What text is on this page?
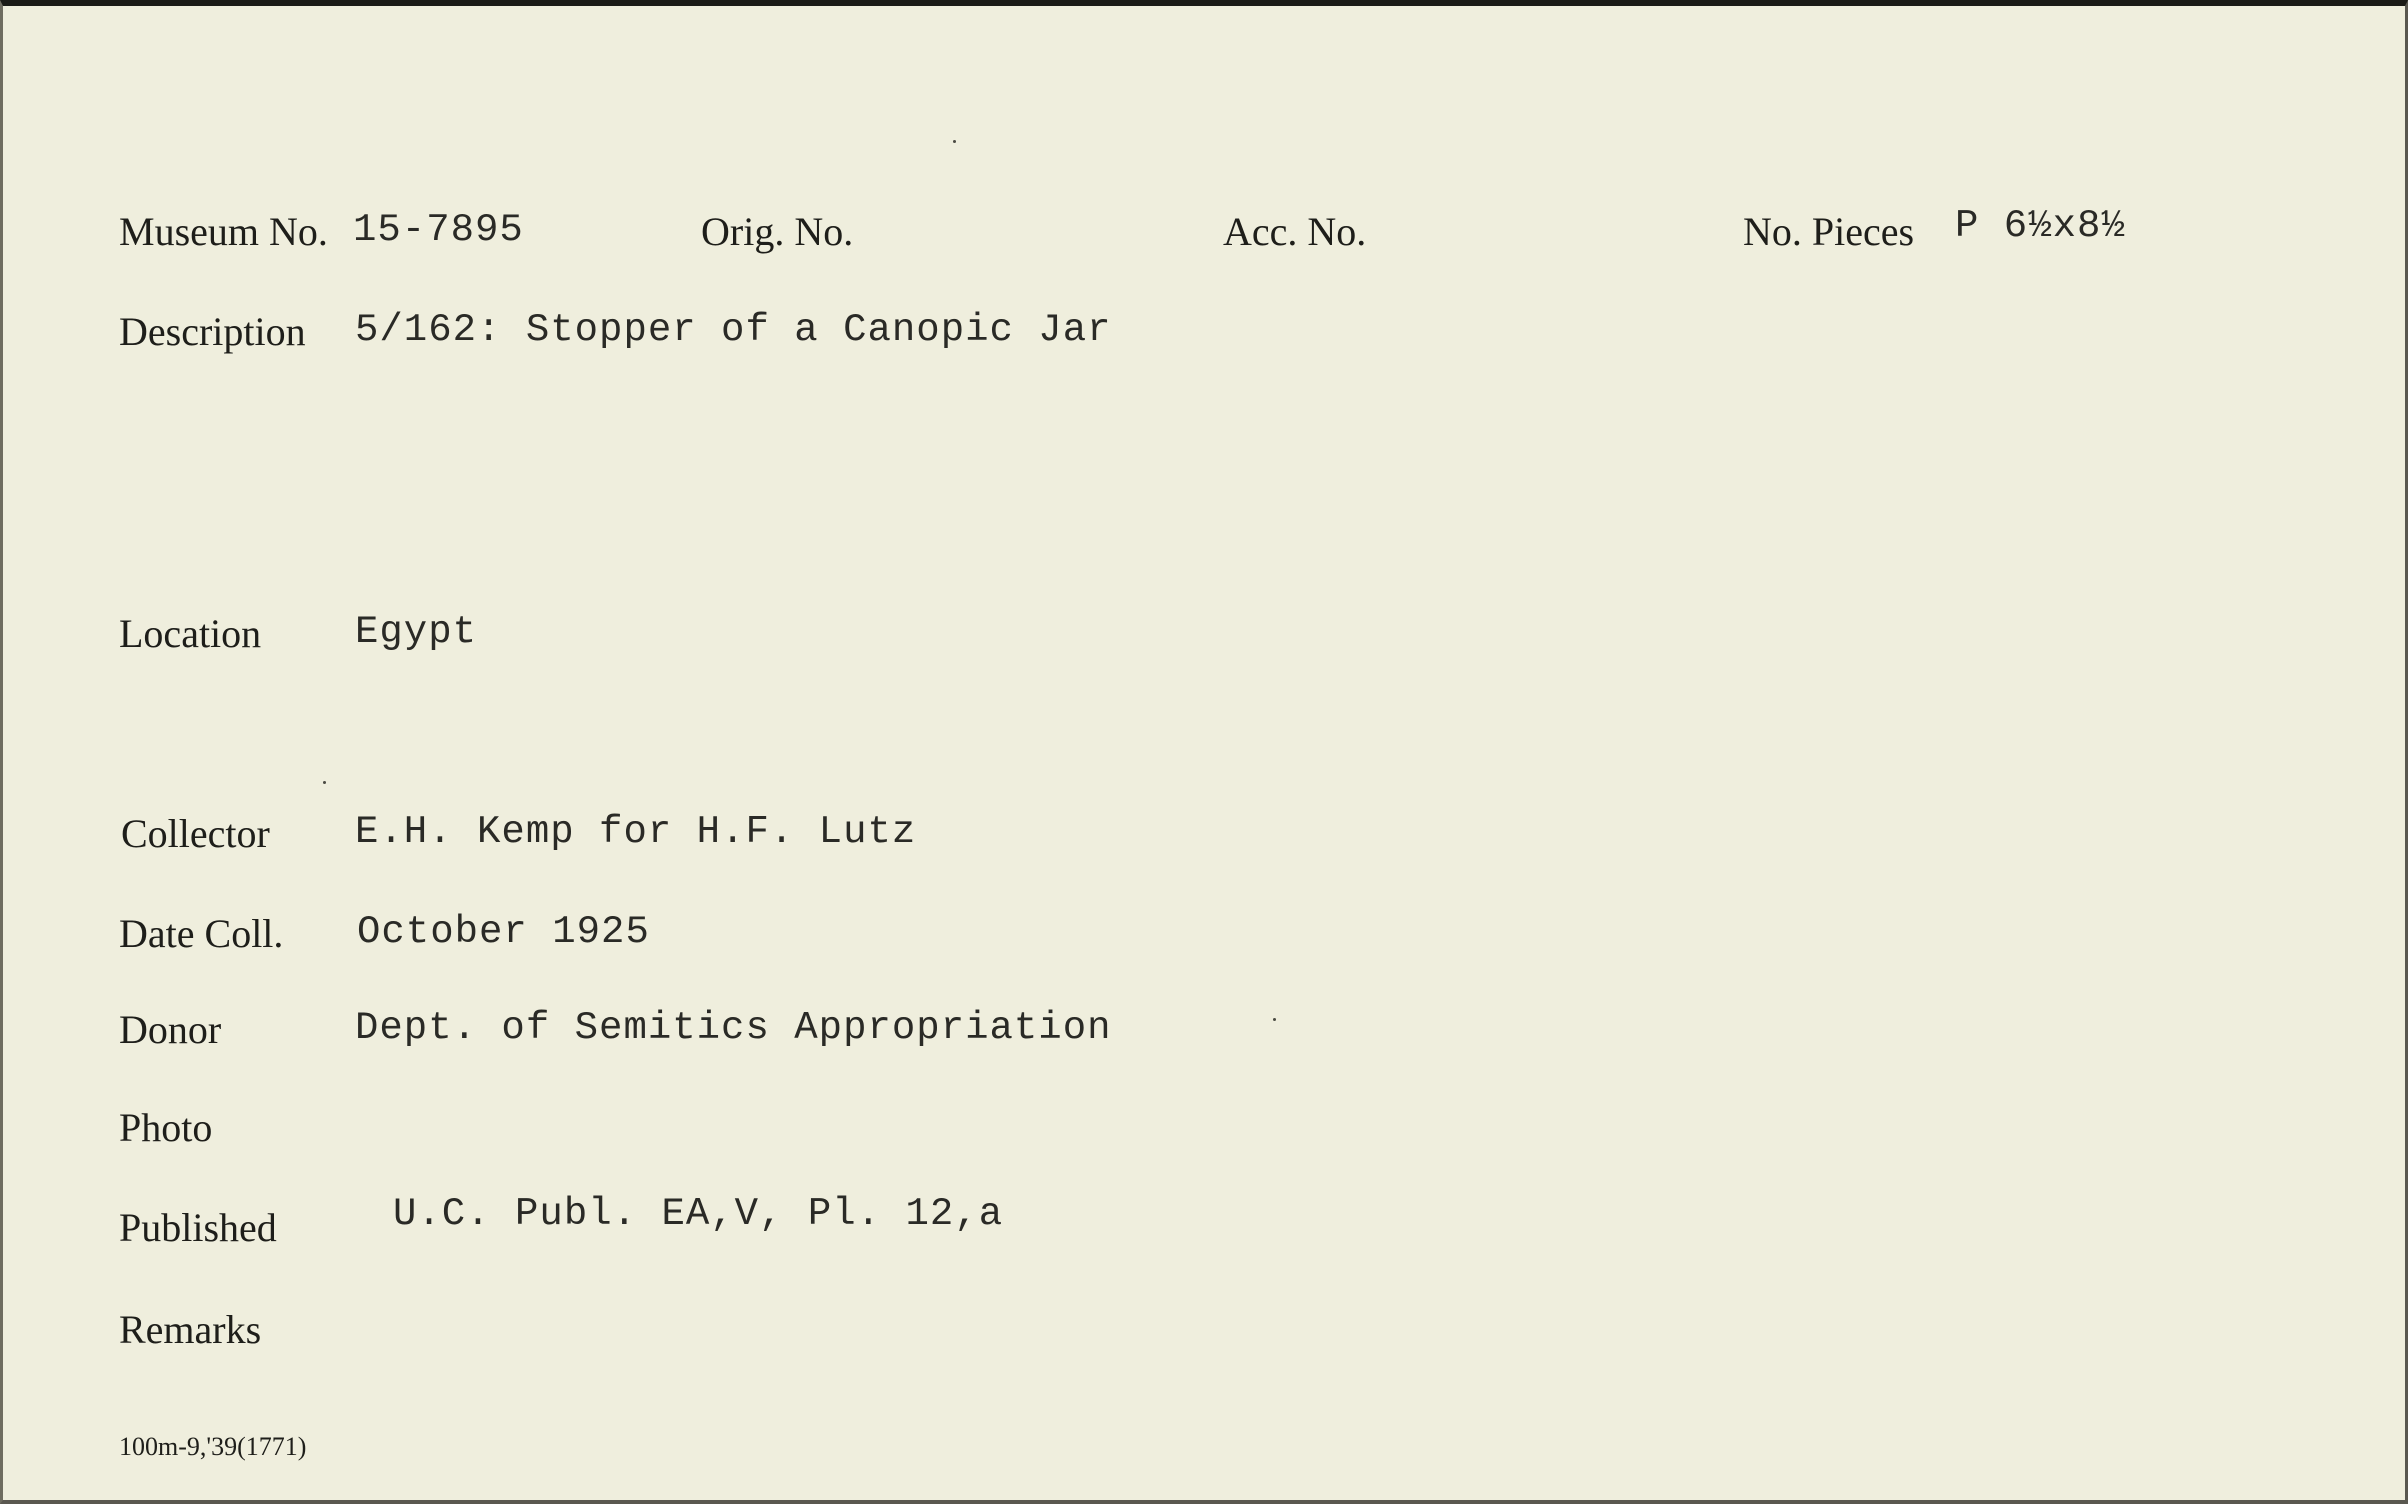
Museum No. 15-7895	Orig. No.	Acc. No.	No. Pieces P 6½x8½
Description 5/162: Stopper of a Canopic Jar
Location Egypt
Collector E.H. Kemp for H.F. Lutz
Date Coll. October 1925
Donor	Dept. of Semitics Appropriation
Photo
Published	U.C. Publ. EA,V, Pl. 12,a
Remarks
100m-9,'39(1771)
